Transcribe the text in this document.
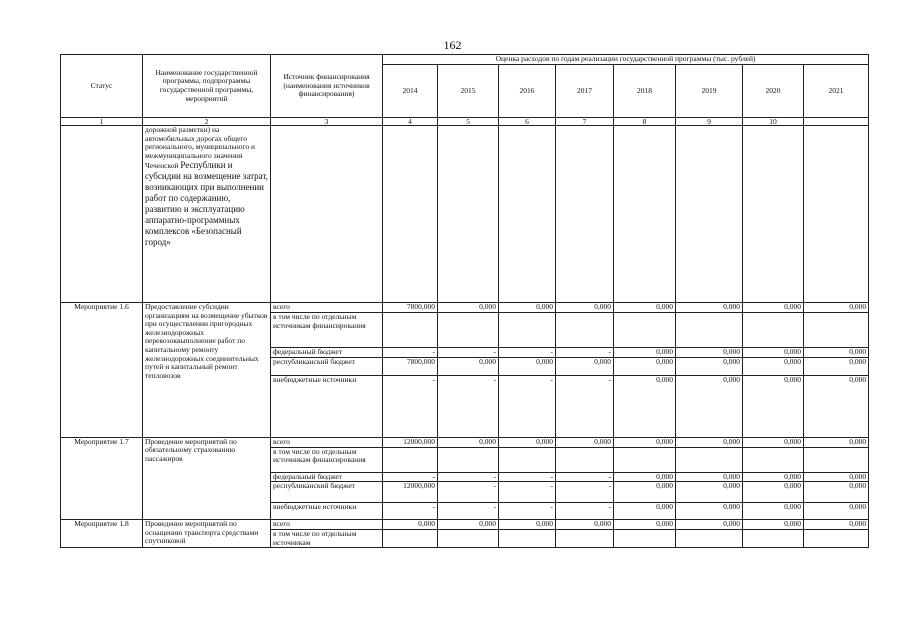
162
Статус	Наименование государственной программы, подпрограммы государственной программы, мероприятий	Источник финансирования (наименования источников финансирования)	Оценка расходов по годам реализации государственной программы (тыс. рублей)							
			2014	2015	2016	2017	2018	2019	2020	2021
1	2	3	4	5	6	7	8	9	10	
	дорожной разметки) на автомобильных дорогах общего регионального, муниципального и межмуниципального значения Чеченской Республики и субсидии на возмещение затрат, возникающих при выполнении работ по содержанию, развитию и эксплуатацию аппаратно-программных комплексов «Безопасный город»									
Мероприятие 1.6	Предоставление субсидии организациям на возмещение убытков при осуществлении пригородных железнодорожных перевозоквыполнение работ по капитальному ремонту железнодорожных соединительных путей и капитальный ремонт тепловозов	всего	7800,000	0,000	0,000	0,000	0,000	0,000	0,000	0,000
		в том числе по отдельным источникам финансирования								
		федеральный бюджет	-	-	-	-	0,000	0,000	0,000	0,000
		республиканский бюджет	7800,000	0,000	0,000	0,000	0,000	0,000	0,000	0,000
		внебюджетные источники	-	-	-	-	0,000	0,000	0,000	0,000
Мероприятие 1.7	Проведение мероприятий по обязательному страхованию пассажиров	всего	12000,000	0,000	0,000	0,000	0,000	0,000	0,000	0,000
		в том числе по отдельным источникам финансирования								
		федеральный бюджет	-	-	-	-	0,000	0,000	0,000	0,000
		республиканский бюджет	12000,000	-	-	-	0,000	0,000	0,000	0,000
		внебюджетные источники	-	-	-	-	0,000	0,000	0,000	0,000
Мероприятие 1.8	Проведение мероприятий по оснащению транспорта средствами спутниковой	всего	0,000	0,000	0,000	0,000	0,000	0,000	0,000	0,000
		в том числе по отдельным источникам								
